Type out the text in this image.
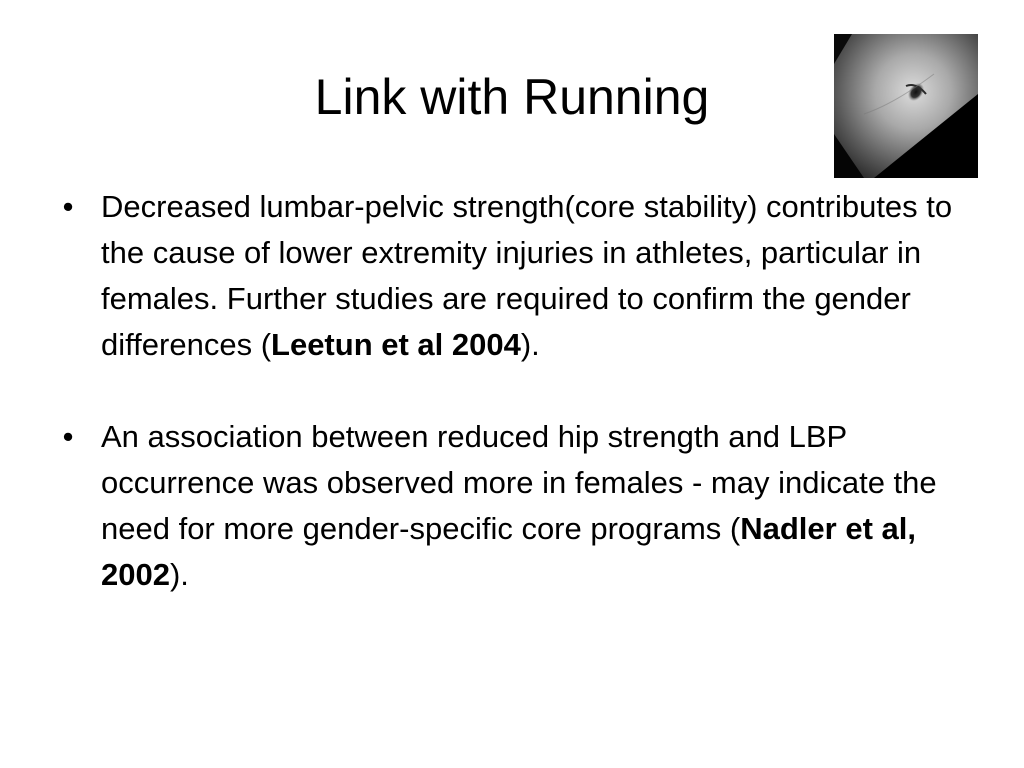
Link with Running
• Decreased lumbar-pelvic strength(core stability) contributes to the cause of lower extremity injuries in athletes, particular in females. Further studies are required to confirm the gender differences (Leetun et al 2004).
• An association between reduced hip strength and LBP occurrence was observed more in females - may indicate the need for more gender-specific core programs (Nadler et al, 2002).
